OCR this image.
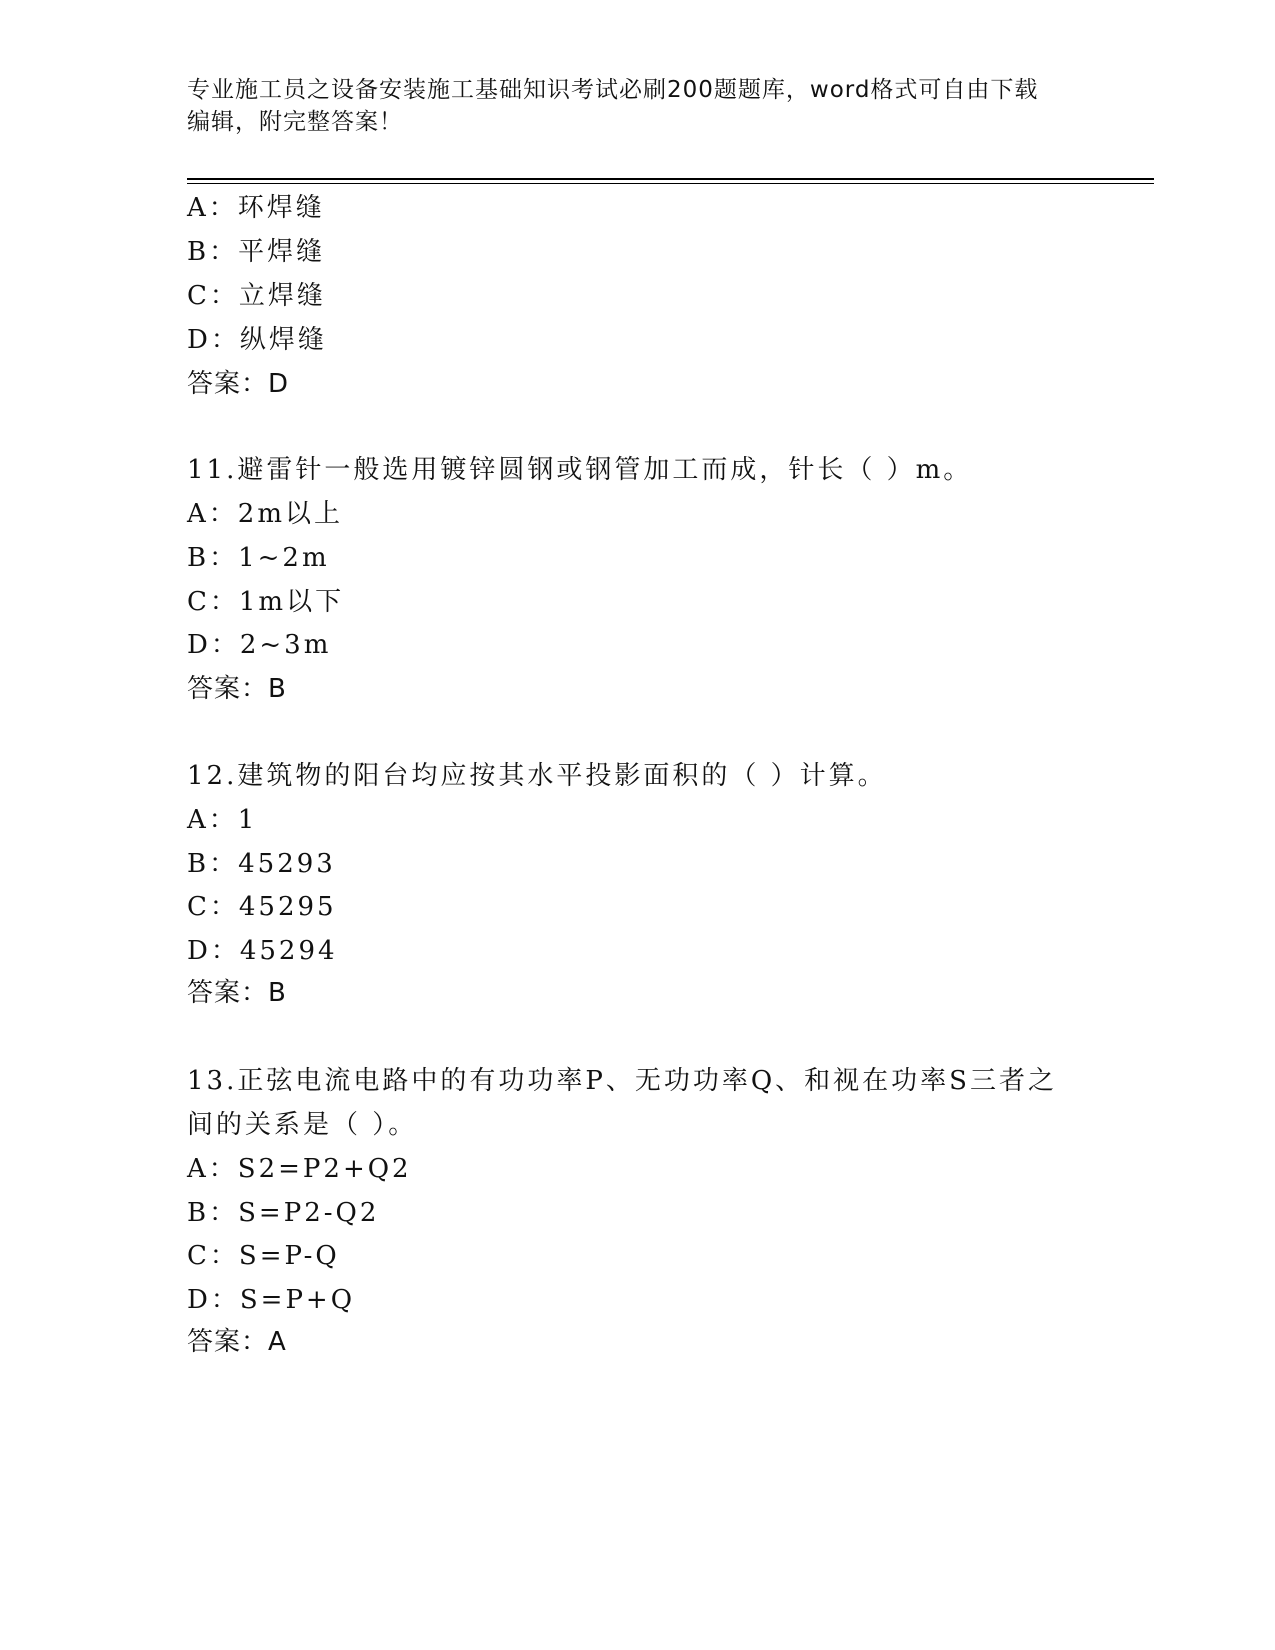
专业施工员之设备安装施工基础知识考试必刷200题题库，word格式可自由下载
编辑，附完整答案！
A：环焊缝
B：平焊缝
C：立焊缝
D：纵焊缝
答案：D
11.避雷针一般选用镀锌圆钢或钢管加工而成，针长（ ）m。
A：2m以上
B：1~2m
C：1m以下
D：2~3m
答案：B
12.建筑物的阳台均应按其水平投影面积的（ ）计算。
A：1
B：45293
C：45295
D：45294
答案：B
13.正弦电流电路中的有功功率P、无功功率Q、和视在功率S三者之
间的关系是（ ）。
A：S2=P2+Q2
B：S=P2-Q2
C：S=P-Q
D：S=P+Q
答案：A
